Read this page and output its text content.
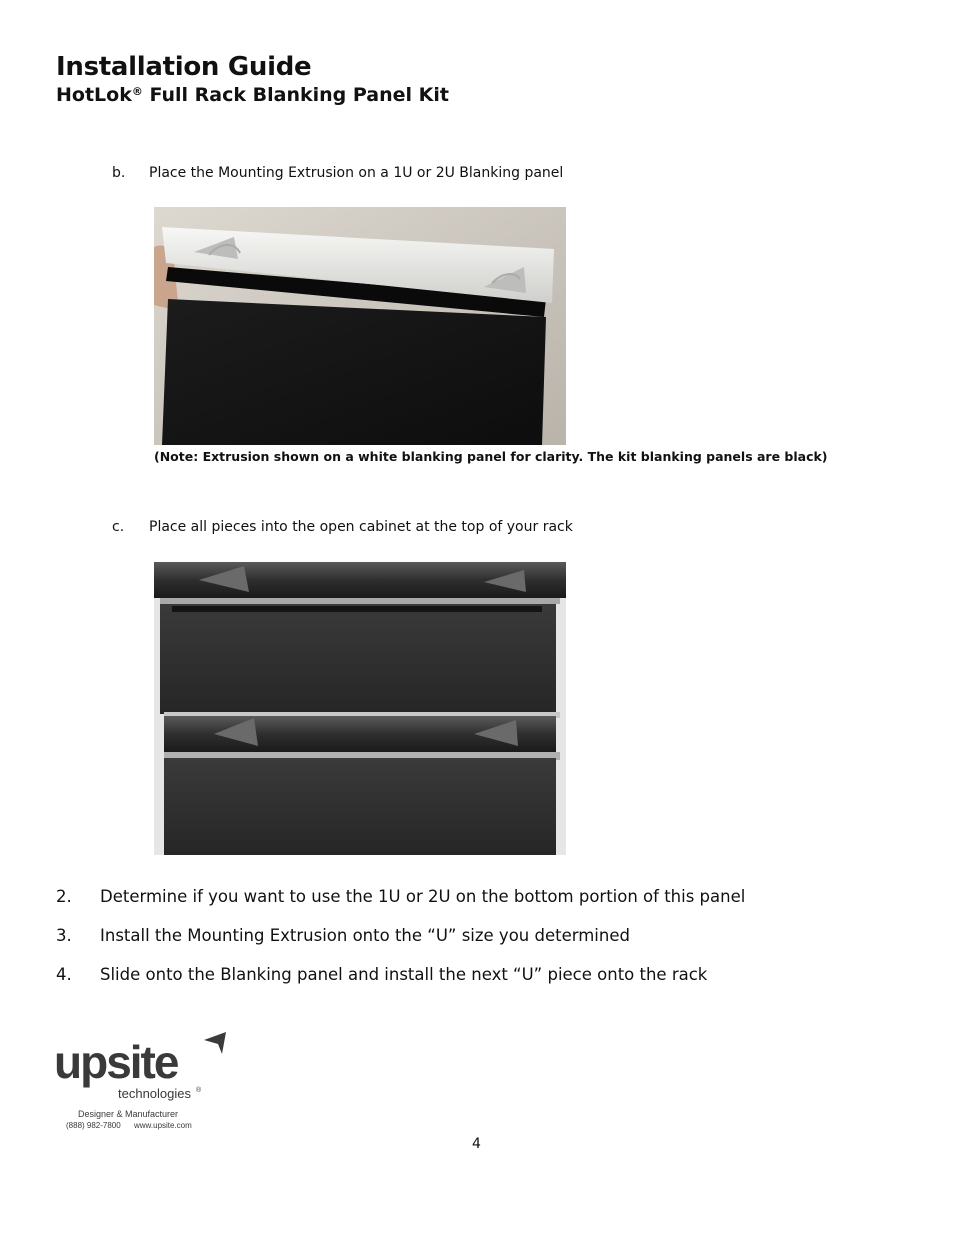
Installation Guide
HotLok® Full Rack Blanking Panel Kit
b. Place the Mounting Extrusion on a 1U or 2U Blanking panel
(Note: Extrusion shown on a white blanking panel for clarity. The kit blanking panels are black)
c. Place all pieces into the open cabinet at the top of your rack
2. Determine if you want to use the 1U or 2U on the bottom portion of this panel
3. Install the Mounting Extrusion onto the “U” size you determined
4. Slide onto the Blanking panel and install the next “U” piece onto the rack
upsite
technologies ®
Designer & Manufacturer
(888) 982-7800 www.upsite.com
4
